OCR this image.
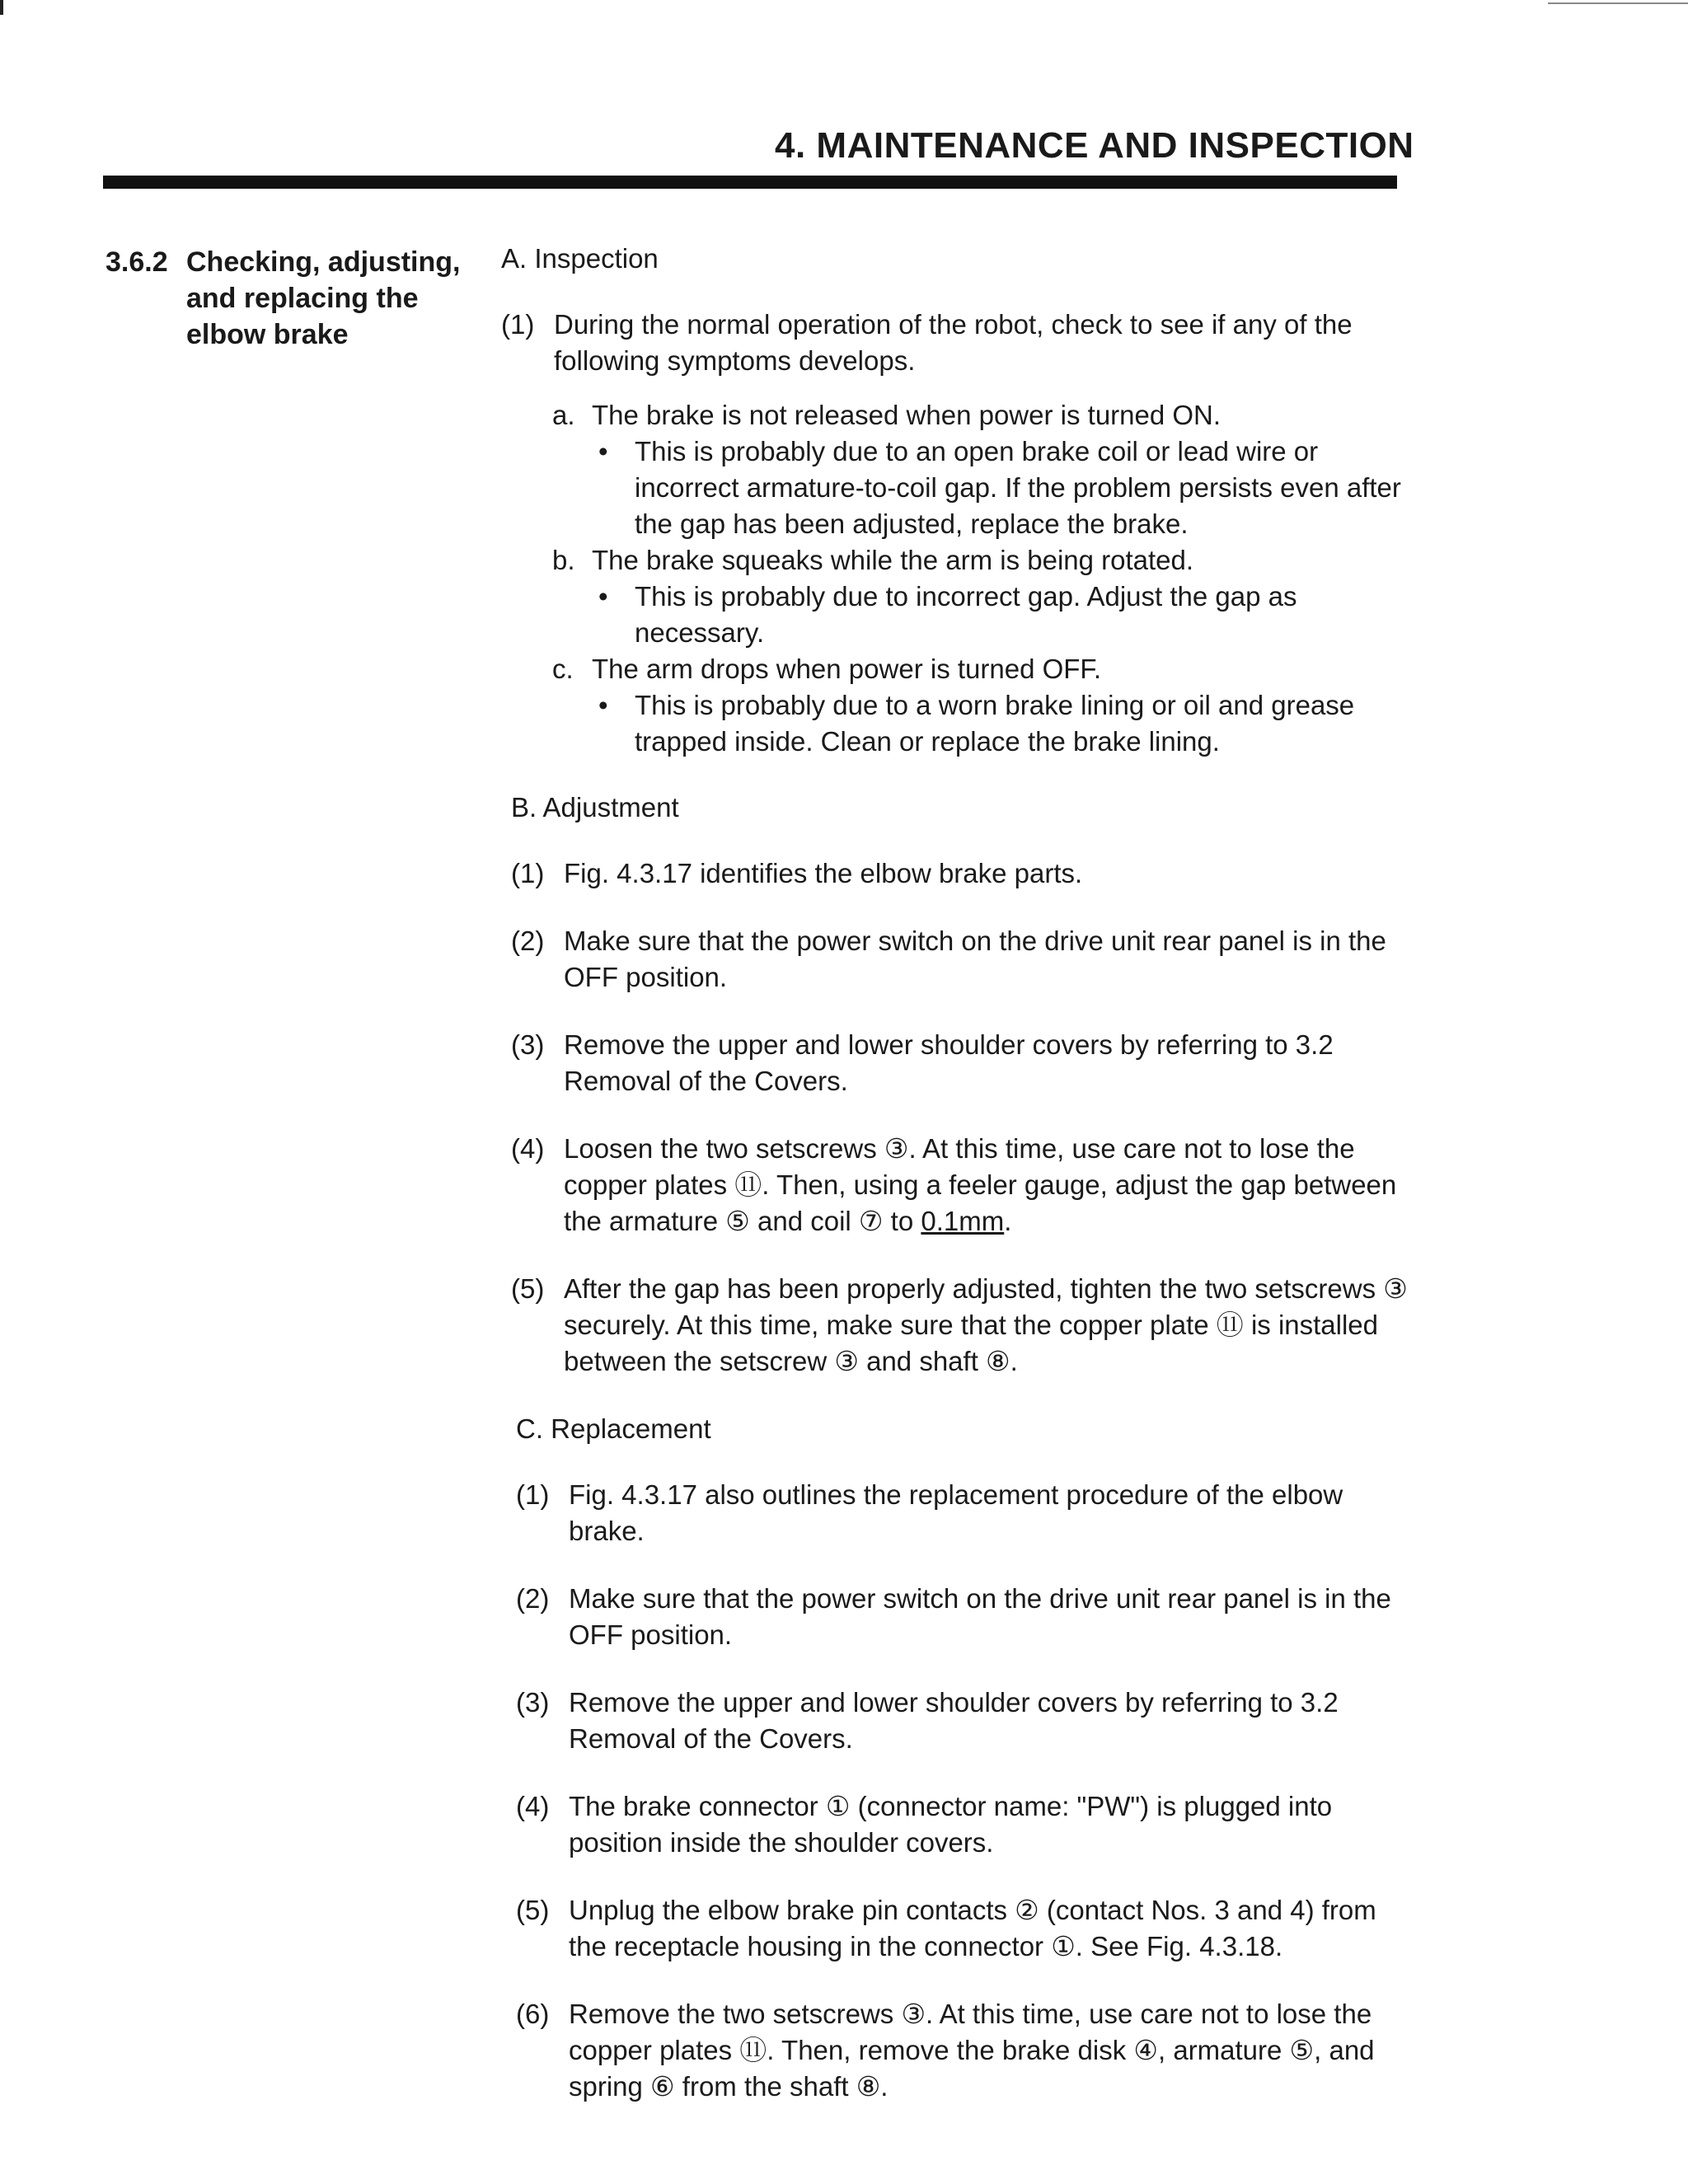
4. MAINTENANCE AND INSPECTION
3.6.2 Checking, adjusting,
and replacing the
elbow brake
A. Inspection
(1) During the normal operation of the robot, check to see if any of the following symptoms develops.
a. The brake is not released when power is turned ON.
• This is probably due to an open brake coil or lead wire or incorrect armature-to-coil gap. If the problem persists even after the gap has been adjusted, replace the brake.
b. The brake squeaks while the arm is being rotated.
• This is probably due to incorrect gap. Adjust the gap as necessary.
c. The arm drops when power is turned OFF.
• This is probably due to a worn brake lining or oil and grease trapped inside. Clean or replace the brake lining.
B. Adjustment
(1) Fig. 4.3.17 identifies the elbow brake parts.
(2) Make sure that the power switch on the drive unit rear panel is in the OFF position.
(3) Remove the upper and lower shoulder covers by referring to 3.2 Removal of the Covers.
(4) Loosen the two setscrews ③. At this time, use care not to lose the copper plates ⑪. Then, using a feeler gauge, adjust the gap between the armature ⑤ and coil ⑦ to 0.1mm.
(5) After the gap has been properly adjusted, tighten the two setscrews ③ securely. At this time, make sure that the copper plate ⑪ is installed between the setscrew ③ and shaft ⑧.
C. Replacement
(1) Fig. 4.3.17 also outlines the replacement procedure of the elbow brake.
(2) Make sure that the power switch on the drive unit rear panel is in the OFF position.
(3) Remove the upper and lower shoulder covers by referring to 3.2 Removal of the Covers.
(4) The brake connector ① (connector name: "PW") is plugged into position inside the shoulder covers.
(5) Unplug the elbow brake pin contacts ② (contact Nos. 3 and 4) from the receptacle housing in the connector ①. See Fig. 4.3.18.
(6) Remove the two setscrews ③. At this time, use care not to lose the copper plates ⑪. Then, remove the brake disk ④, armature ⑤, and spring ⑥ from the shaft ⑧.
